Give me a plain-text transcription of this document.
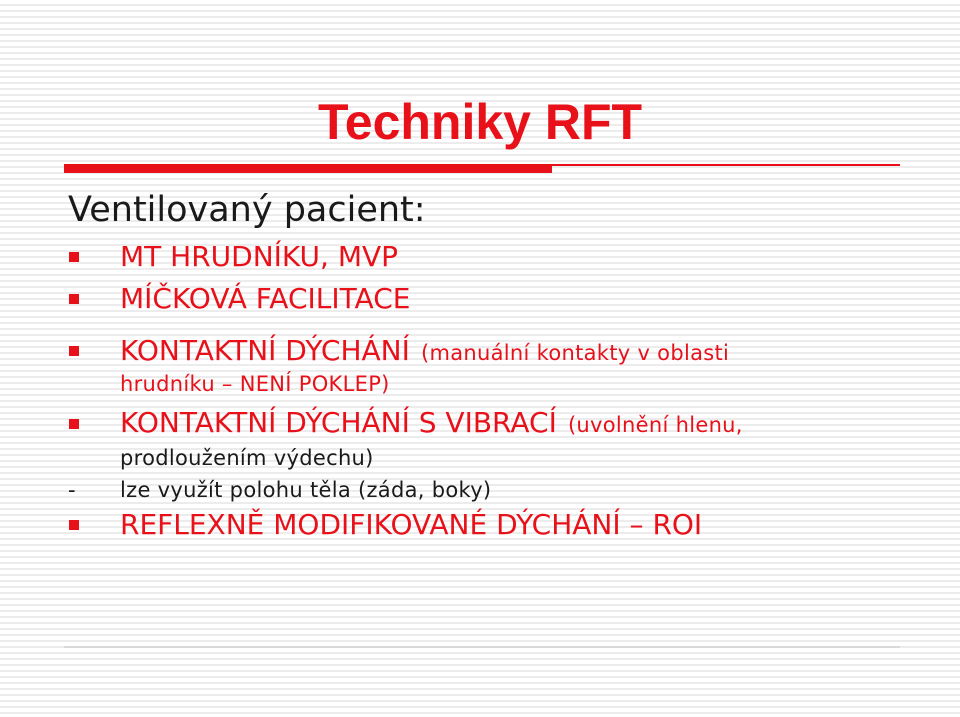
Techniky RFT

Ventilovaný pacient:

MT HRUDNÍKU, MVP

MÍČKOVÁ FACILITACE

KONTAKTNÍ DÝCHÁNÍ (manuální kontakty v oblasti

hrudníku – NENÍ POKLEP)

KONTAKTNÍ DÝCHÁNÍ S VIBRACÍ (uvolnění hlenu,

prodloužením výdechu)

- lze využít polohu těla (záda, boky)

REFLEXNĚ MODIFIKOVANÉ DÝCHÁNÍ – ROI
